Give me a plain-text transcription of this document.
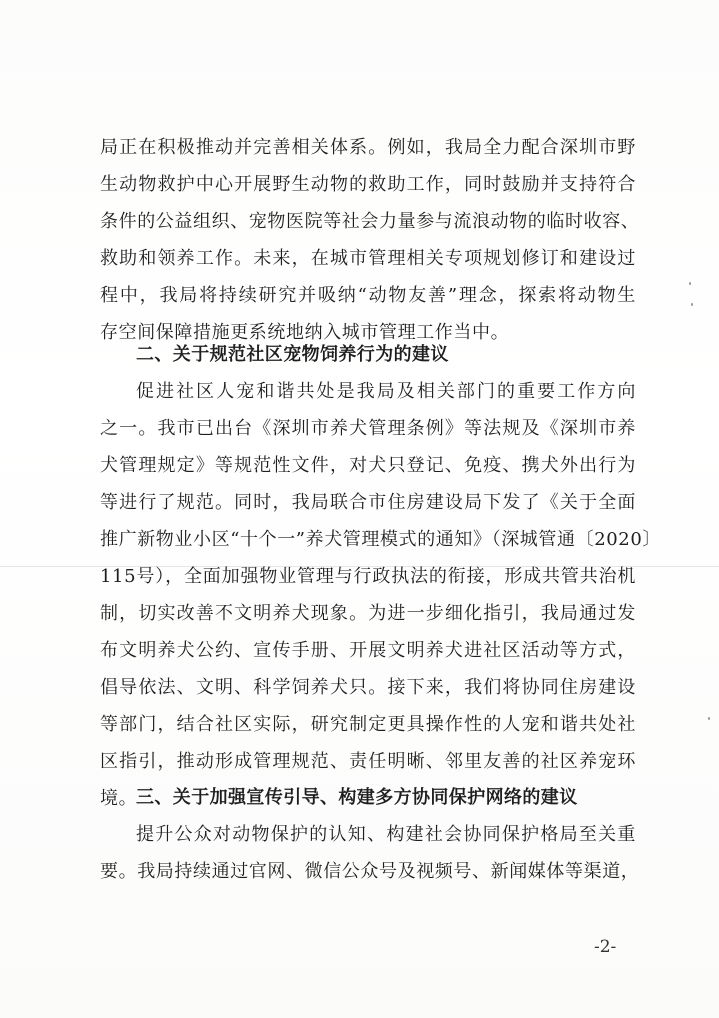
局正在积极推动并完善相关体系。例如，我局全力配合深圳市野
生动物救护中心开展野生动物的救助工作，同时鼓励并支持符合
条件的公益组织、宠物医院等社会力量参与流浪动物的临时收容、
救助和领养工作。未来，在城市管理相关专项规划修订和建设过
程中，我局将持续研究并吸纳“动物友善”理念，探索将动物生
存空间保障措施更系统地纳入城市管理工作当中。
二、关于规范社区宠物饲养行为的建议
促进社区人宠和谐共处是我局及相关部门的重要工作方向
之一。我市已出台《深圳市养犬管理条例》等法规及《深圳市养
犬管理规定》等规范性文件，对犬只登记、免疫、携犬外出行为
等进行了规范。同时，我局联合市住房建设局下发了《关于全面
推广新物业小区“十个一”养犬管理模式的通知》（深城管通〔2020〕
115号），全面加强物业管理与行政执法的衔接，形成共管共治机
制，切实改善不文明养犬现象。为进一步细化指引，我局通过发
布文明养犬公约、宣传手册、开展文明养犬进社区活动等方式，
倡导依法、文明、科学饲养犬只。接下来，我们将协同住房建设
等部门，结合社区实际，研究制定更具操作性的人宠和谐共处社
区指引，推动形成管理规范、责任明晰、邻里友善的社区养宠环
境。
三、关于加强宣传引导、构建多方协同保护网络的建议
提升公众对动物保护的认知、构建社会协同保护格局至关重
要。我局持续通过官网、微信公众号及视频号、新闻媒体等渠道，
-2-
